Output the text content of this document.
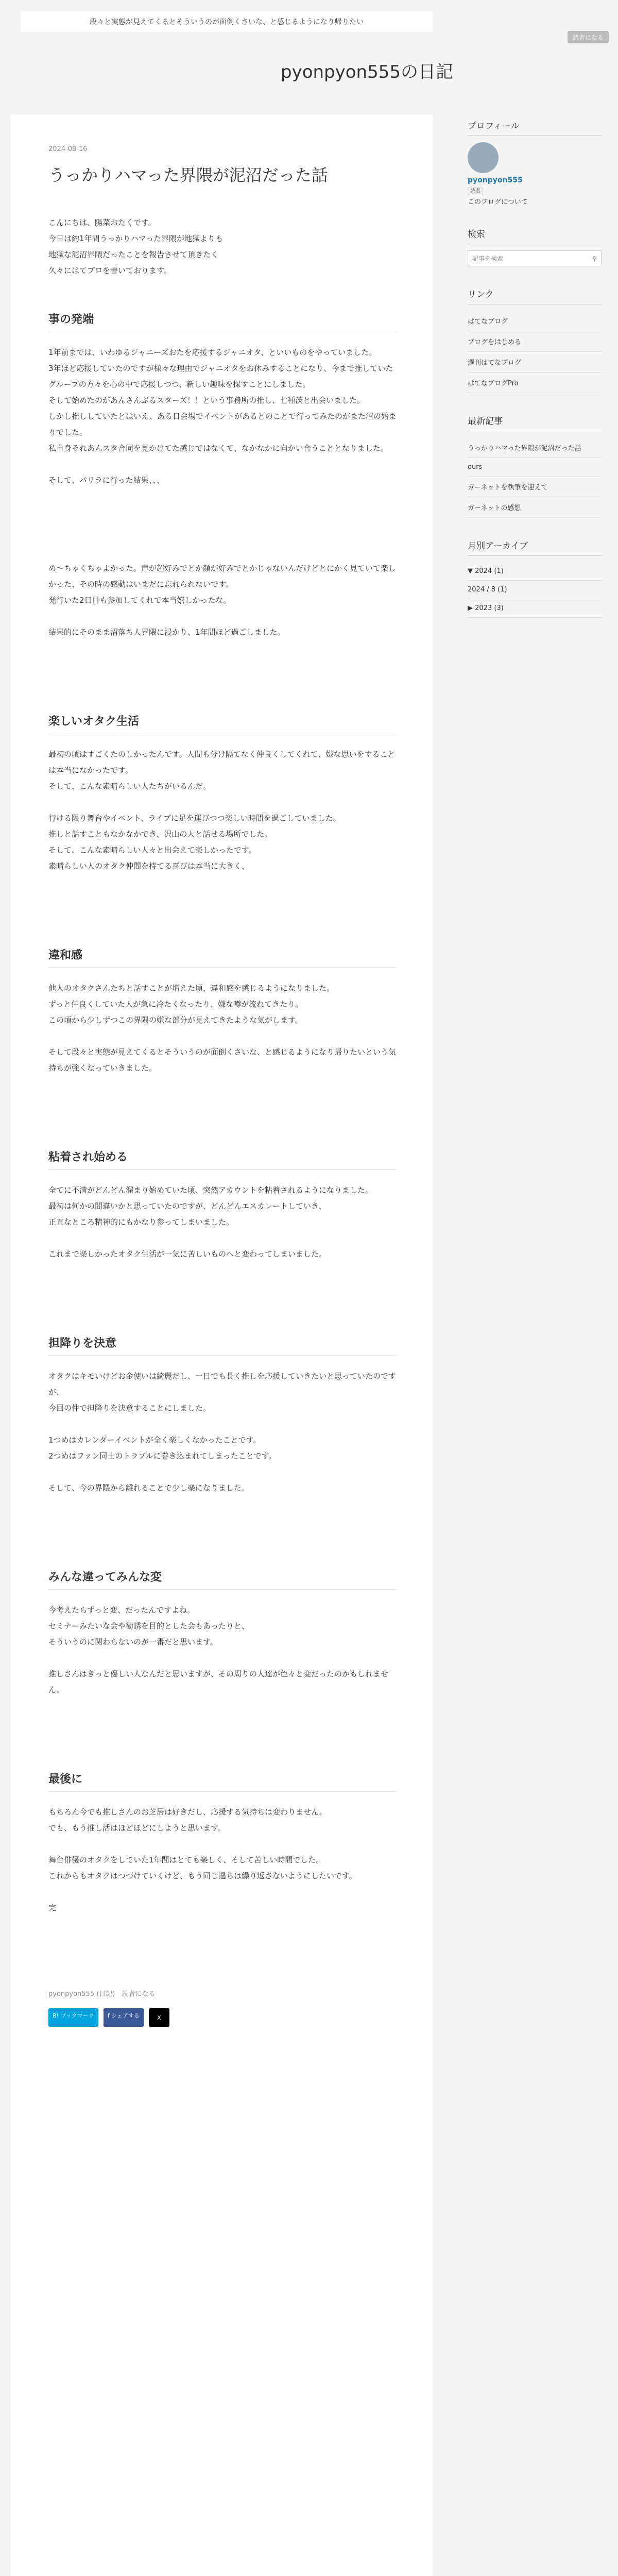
段々と実態が見えてくるとそういうのが面倒くさいな、と感じるようになり帰りたい
読者になる
pyonpyon555の日記
2024-08-16
うっかりハマった界隈が泥沼だった話

こんにちは、陽菜おたくです。

今日は約1年間うっかりハマった界隈が地獄よりも

地獄な泥沼界隈だったことを報告させて頂きたく

久々にはてブロを書いております。

事の発端

1年前までは、いわゆるジャニーズおたを応援するジャニオタ、といいものをやっていました。

3年ほど応援していたのですが様々な理由でジャニオタをお休みすることになり、今まで推していたグループの方々を心の中で応援しつつ、新しい趣味を探すことにしました。

そして始めたのがあんさんぶるスターズ！！という事務所の推し、七種茨と出会いました。

しかし推ししていたとはいえ、ある日会場でイベントがあるとのことで行ってみたのがまた沼の始まりでした。

私自身それあんスタ合同を見かけてた感じではなくて、なかなかに向かい合うこととなりました。

そして、パリラに行った結果、、、

め〜ちゃくちゃよかった。声が超好みでとか顔が好みでとかじゃないんだけどとにかく見ていて楽しかった、その時の感動はいまだに忘れられないです。

発行いた2日目も参加してくれて本当嬉しかったな。

結果的にそのまま沼落ち人界隈に浸かり、1年間ほど過ごしました。

楽しいオタク生活

最初の頃はすごくたのしかったんです。人間も分け隔てなく仲良くしてくれて、嫌な思いをすることは本当になかったです。

そして、こんな素晴らしい人たちがいるんだ。

行ける限り舞台やイベント、ライブに足を運びつつ楽しい時間を過ごしていました。

推しと話すこともなかなかでき、沢山の人と話せる場所でした。

そして、こんな素晴らしい人々と出会えて楽しかったです。

素晴らしい人のオタク仲間を持てる喜びは本当に大きく、

違和感

他人のオタクさんたちと話すことが増えた頃、違和感を感じるようになりました。

ずっと仲良くしていた人が急に冷たくなったり、嫌な噂が流れてきたり。

この頃から少しずつこの界隈の嫌な部分が見えてきたような気がします。

そして段々と実態が見えてくるとそういうのが面倒くさいな、と感じるようになり帰りたいという気持ちが強くなっていきました。

粘着され始める

全てに不満がどんどん溜まり始めていた頃、突然アカウントを粘着されるようになりました。

最初は何かの間違いかと思っていたのですが、どんどんエスカレートしていき、

正直なところ精神的にもかなり参ってしまいました。

これまで楽しかったオタク生活が一気に苦しいものへと変わってしまいました。

担降りを決意

オタクはキモいけどお金使いは綺麗だし、一日でも長く推しを応援していきたいと思っていたのですが、

今回の件で担降りを決意することにしました。

1つめはカレンダーイベントが全く楽しくなかったことです。

2つめはファン同士のトラブルに巻き込まれてしまったことです。

そして、今の界隈から離れることで少し楽になりました。

みんな違ってみんな変

今考えたらずっと変、だったんですよね。

セミナーみたいな会や勧誘を目的とした会もあったりと、

そういうのに関わらないのが一番だと思います。

推しさんはきっと優しい人なんだと思いますが、その周りの人達が色々と変だったのかもしれません。

最後に

もちろん今でも推しさんのお芝居は好きだし、応援する気持ちは変わりません。

でも、もう推し活はほどほどにしようと思います。

舞台俳優のオタクをしていた1年間はとても楽しく、そして苦しい時間でした。

これからもオタクはつづけていくけど、もう同じ過ちは繰り返さないようにしたいです。

完

pyonpyon555 (日記)　読者になる
B! ブックマーク	f シェアする	X
プロフィール
pyonpyon555
読者
このブログについて
検索
記事を検索	⚲
リンク
はてなブログ
ブログをはじめる
週刊はてなブログ
はてなブログPro
最新記事
うっかりハマった界隈が泥沼だった話
ours
ガーネットを執筆を迎えて
ガーネットの感想
月別アーカイブ
▼ 2024 (1)
2024 / 8 (1)
▶ 2023 (3)
